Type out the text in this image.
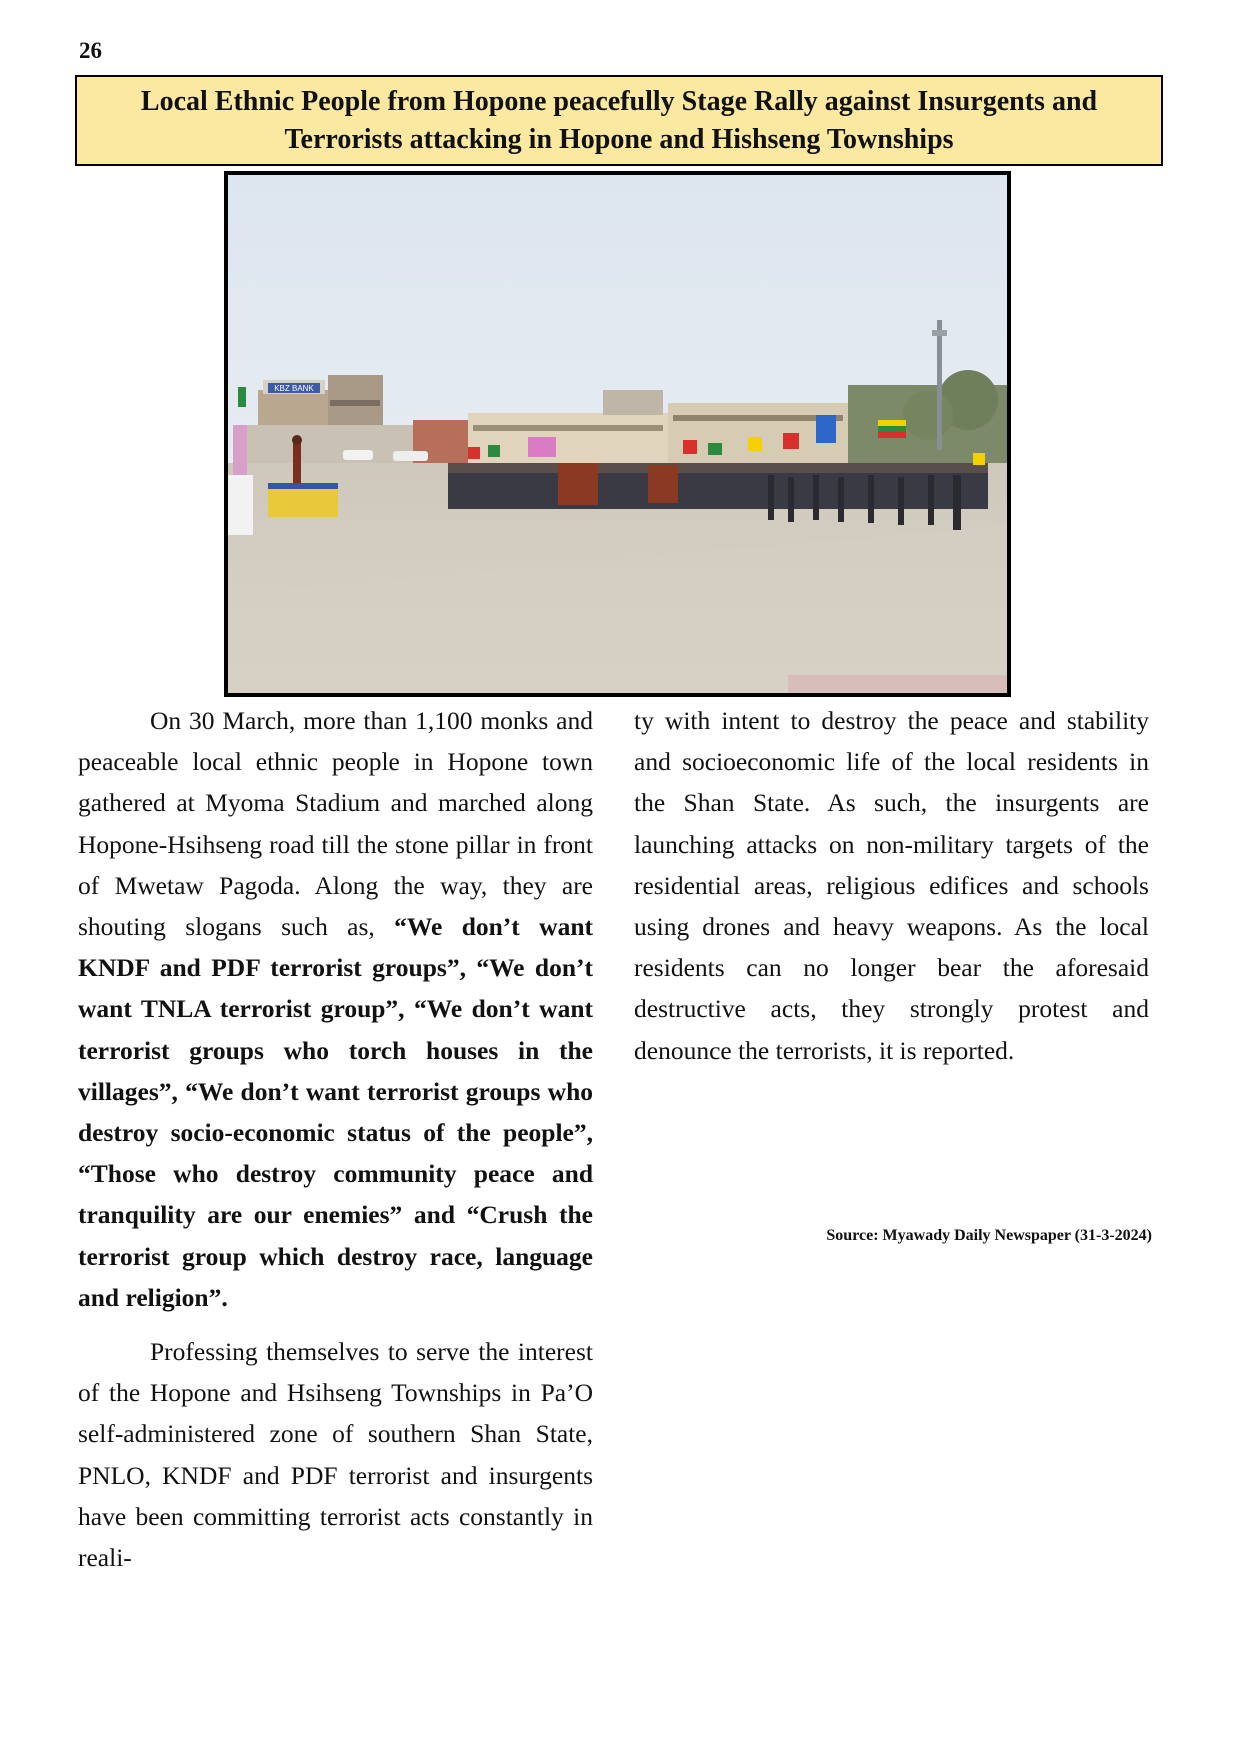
26
Local Ethnic People from Hopone peacefully Stage Rally against Insurgents and Terrorists attacking in Hopone and Hishseng Townships
KBZ BANK

On 30 March, more than 1,100 monks and peaceable local ethnic people in Hopone town gathered at Myoma Stadium and marched along Hopone-Hsihseng road till the stone pillar in front of Mwetaw Pagoda. Along the way, they are shouting slogans such as, “We don’t want KNDF and PDF terrorist groups”, “We don’t want TNLA terrorist group”, “We don’t want terrorist groups who torch houses in the villages”, “We don’t want terrorist groups who destroy socio-economic status of the people”, “Those who destroy community peace and tranquility are our enemies” and “Crush the terrorist group which destroy race, language and religion”.

Professing themselves to serve the interest of the Hopone and Hsihseng Townships in Pa’O self-administered zone of southern Shan State, PNLO, KNDF and PDF terrorist and insurgents have been committing terrorist acts constantly in reali-

ty with intent to destroy the peace and stability and socioeconomic life of the local residents in the Shan State. As such, the insurgents are launching attacks on non-military targets of the residential areas, religious edifices and schools using drones and heavy weapons. As the local residents can no longer bear the aforesaid destructive acts, they strongly protest and denounce the terrorists, it is reported.

Source: Myawady Daily Newspaper (31-3-2024)
